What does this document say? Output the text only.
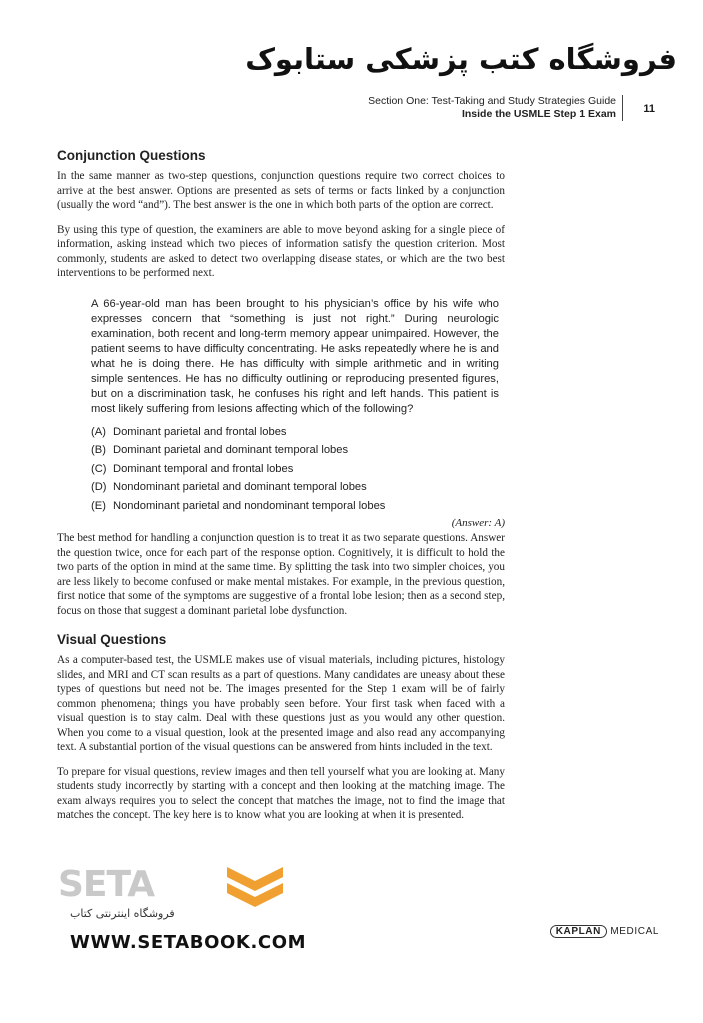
فروشگاه کتب پزشکی ستابوک
Section One: Test-Taking and Study Strategies Guide
Inside the USMLE Step 1 Exam 11
Conjunction Questions

In the same manner as two-step questions, conjunction questions require two correct choices to arrive at the best answer. Options are presented as sets of terms or facts linked by a conjunction (usually the word “and”). The best answer is the one in which both parts of the option are correct.

By using this type of question, the examiners are able to move beyond asking for a single piece of information, asking instead which two pieces of information satisfy the question criterion. Most commonly, students are asked to detect two overlapping disease states, or which are the two best interventions to be performed next.

A 66-year-old man has been brought to his physician’s office by his wife who expresses concern that “something is just not right.” During neurologic examination, both recent and long-term memory appear unimpaired. However, the patient seems to have difficulty concentrating. He asks repeatedly where he is and what he is doing there. He has difficulty with simple arithmetic and in writing simple sentences. He has no difficulty outlining or reproducing presented figures, but on a discrimination task, he confuses his right and left hands. This patient is most likely suffering from lesions affecting which of the following?
(A) Dominant parietal and frontal lobes
(B) Dominant parietal and dominant temporal lobes
(C) Dominant temporal and frontal lobes
(D) Nondominant parietal and dominant temporal lobes
(E) Nondominant parietal and nondominant temporal lobes
(Answer: A)

The best method for handling a conjunction question is to treat it as two separate questions. Answer the question twice, once for each part of the response option. Cognitively, it is difficult to hold the two parts of the option in mind at the same time. By splitting the task into two simpler choices, you are less likely to become confused or make mental mistakes. For example, in the previous question, first notice that some of the symptoms are suggestive of a frontal lobe lesion; then as a second step, focus on those that suggest a dominant parietal lobe dysfunction.

Visual Questions

As a computer-based test, the USMLE makes use of visual materials, including pictures, histology slides, and MRI and CT scan results as a part of questions. Many candidates are uneasy about these types of questions but need not be. The images presented for the Step 1 exam will be of fairly common phenomena; things you have probably seen before. Your first task when faced with a visual question is to stay calm. Deal with these questions just as you would any other question. When you come to a visual question, look at the presented image and also read any accompanying text. A substantial portion of the visual questions can be answered from hints included in the text.

To prepare for visual questions, review images and then tell yourself what you are looking at. Many students study incorrectly by starting with a concept and then looking at the matching image. The exam always requires you to select the concept that matches the image, not to find the image that matches the concept. The key here is to know what you are looking at when it is presented.

SETA
فروشگاه اینترنتی کتاب
WWW.SETABOOK.COM
KAPLAN MEDICAL
